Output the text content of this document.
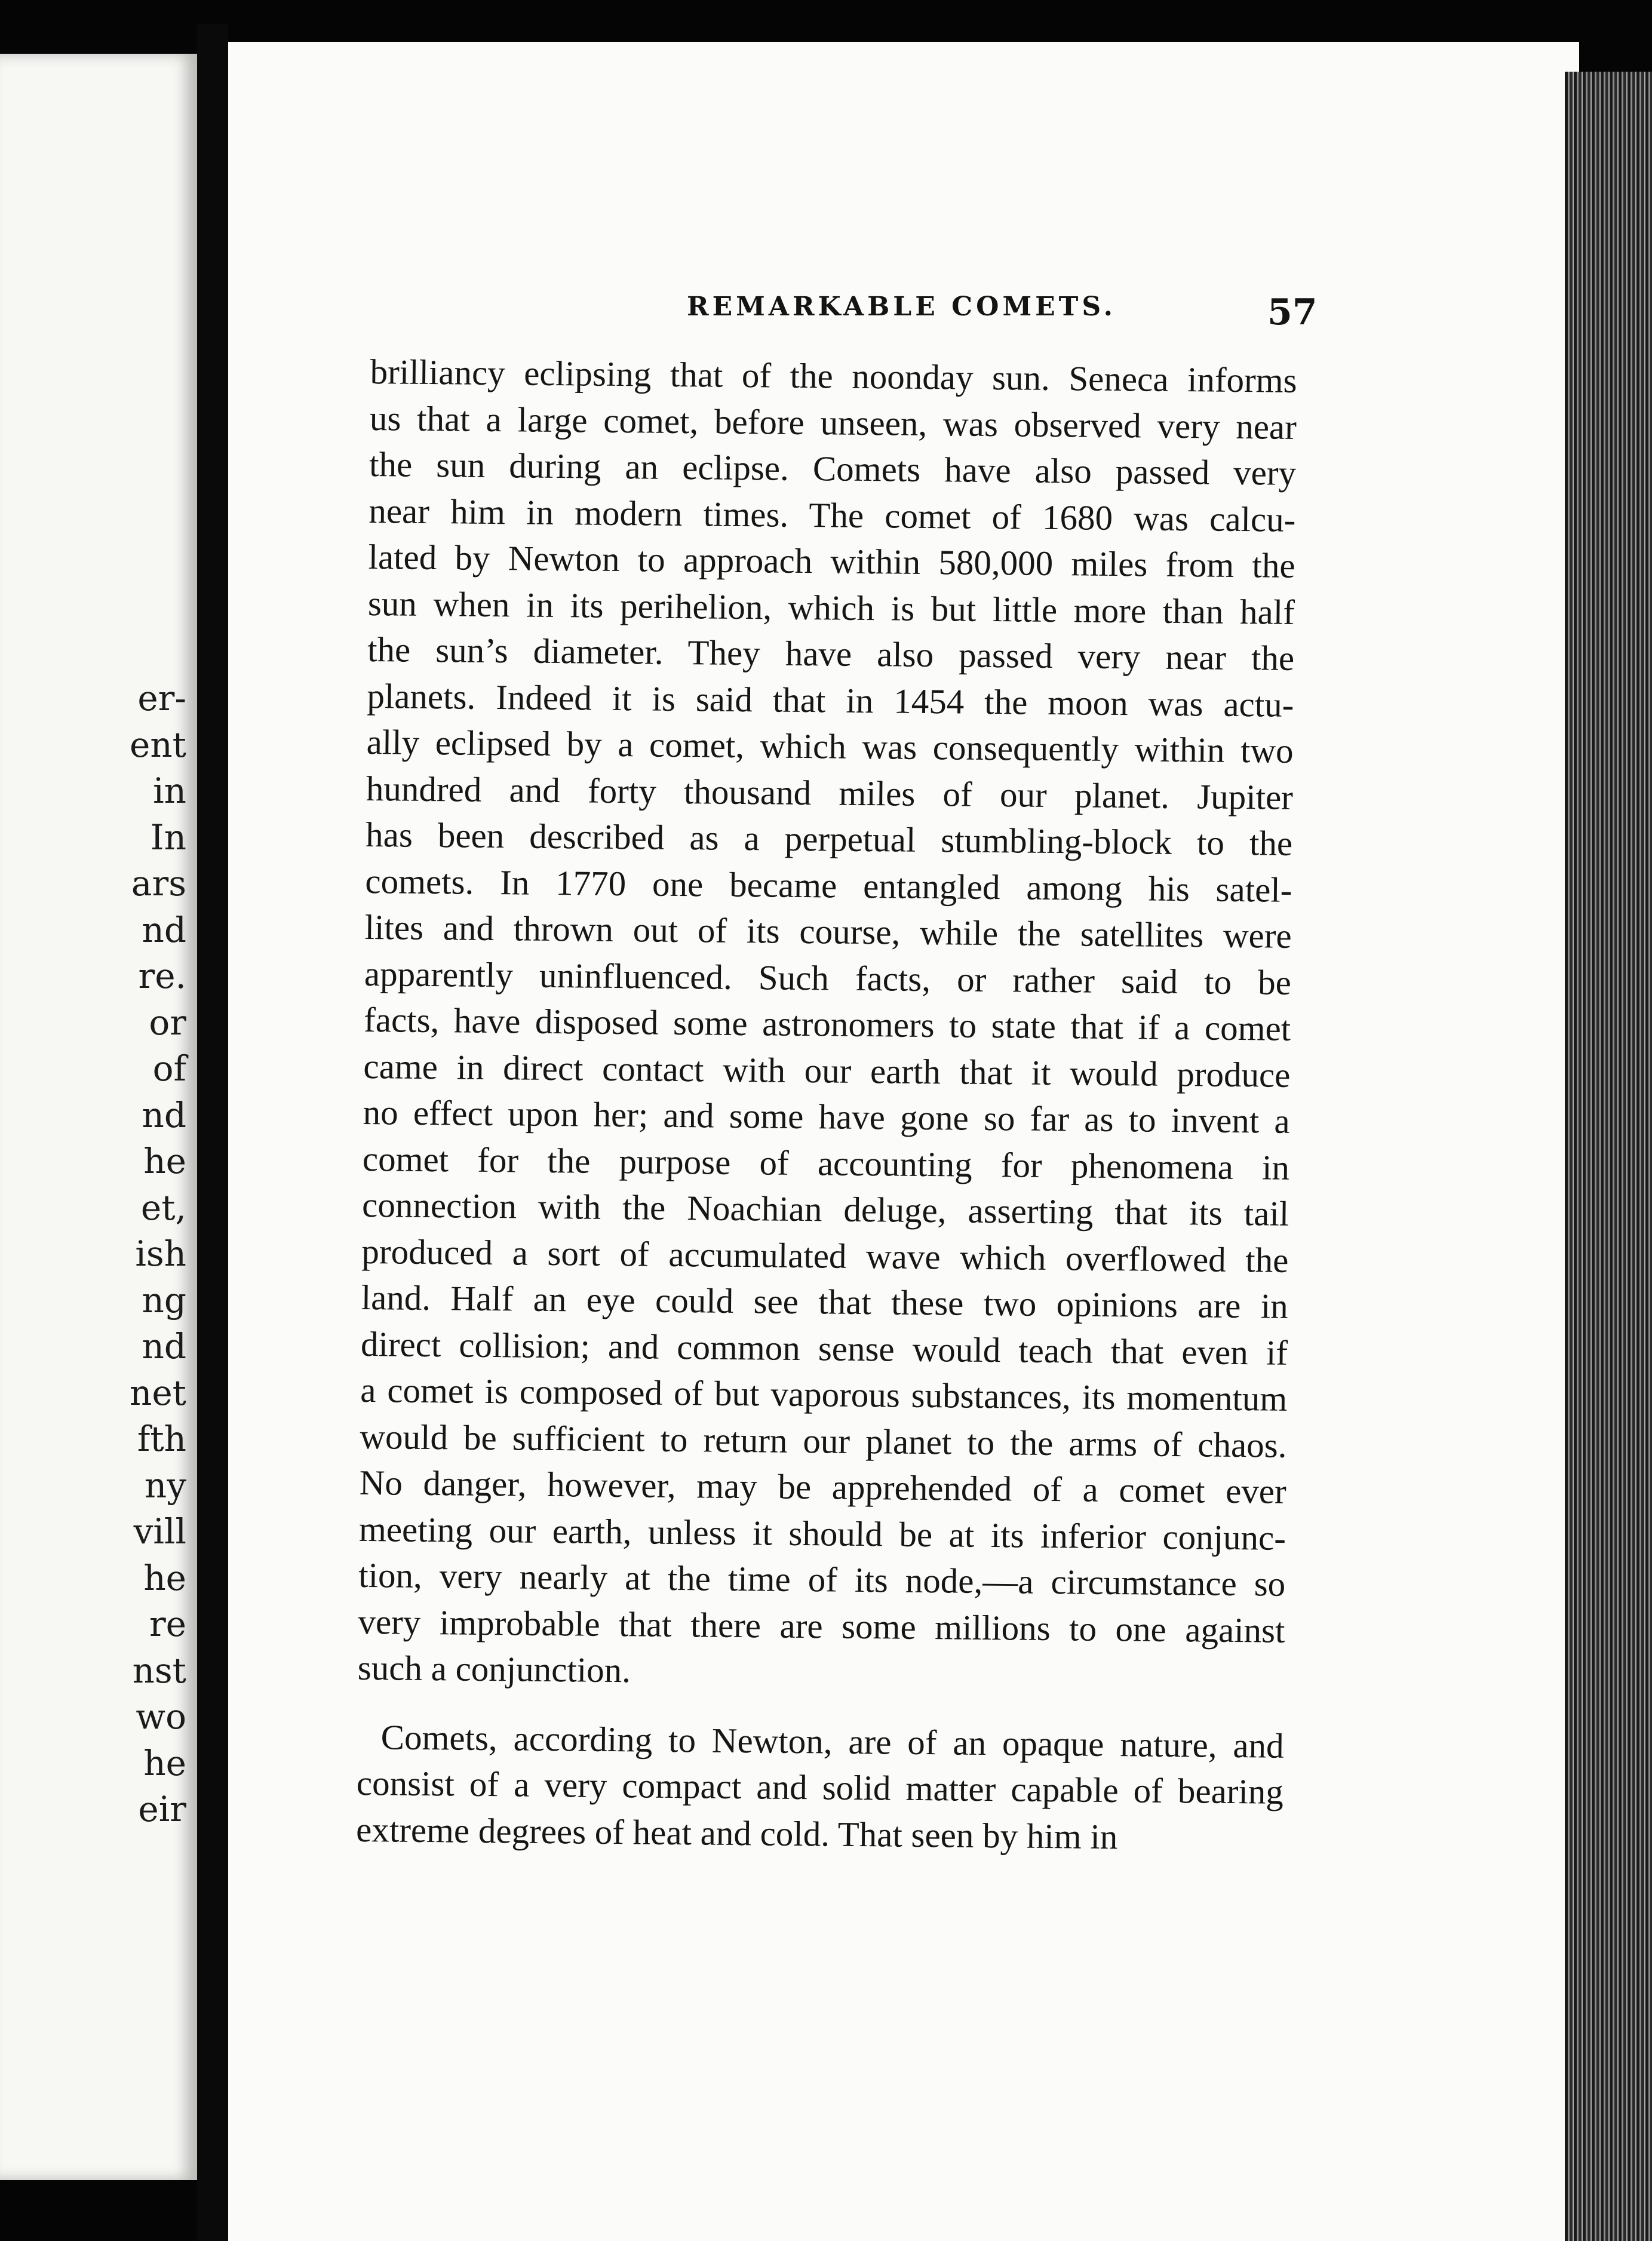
er-
ent
in
In
ars
nd
re.
or
of
nd
he
et,
ish
ng
nd
net
fth
ny
vill
he
re
nst
wo
he
eir
REMARKABLE COMETS.	57

brilliancy eclipsing that of the noonday sun. Seneca informs
us that a large comet, before unseen, was observed very near
the sun during an eclipse. Comets have also passed very
near him in modern times. The comet of 1680 was calcu-
lated by Newton to approach within 580,000 miles from the
sun when in its perihelion, which is but little more than half
the sun’s diameter. They have also passed very near the
planets. Indeed it is said that in 1454 the moon was actu-
ally eclipsed by a comet, which was consequently within two
hundred and forty thousand miles of our planet. Jupiter
has been described as a perpetual stumbling-block to the
comets. In 1770 one became entangled among his satel-
lites and thrown out of its course, while the satellites were
apparently uninfluenced. Such facts, or rather said to be
facts, have disposed some astronomers to state that if a comet
came in direct contact with our earth that it would produce
no effect upon her; and some have gone so far as to invent a
comet for the purpose of accounting for phenomena in
connection with the Noachian deluge, asserting that its tail
produced a sort of accumulated wave which overflowed the
land. Half an eye could see that these two opinions are in
direct collision; and common sense would teach that even if
a comet is composed of but vaporous substances, its momentum
would be sufficient to return our planet to the arms of chaos.
No danger, however, may be apprehended of a comet ever
meeting our earth, unless it should be at its inferior conjunc-
tion, very nearly at the time of its node,—a circumstance so
very improbable that there are some millions to one against
such a conjunction.

Comets, according to Newton, are of an opaque nature, and
consist of a very compact and solid matter capable of bearing
extreme degrees of heat and cold. That seen by him in
